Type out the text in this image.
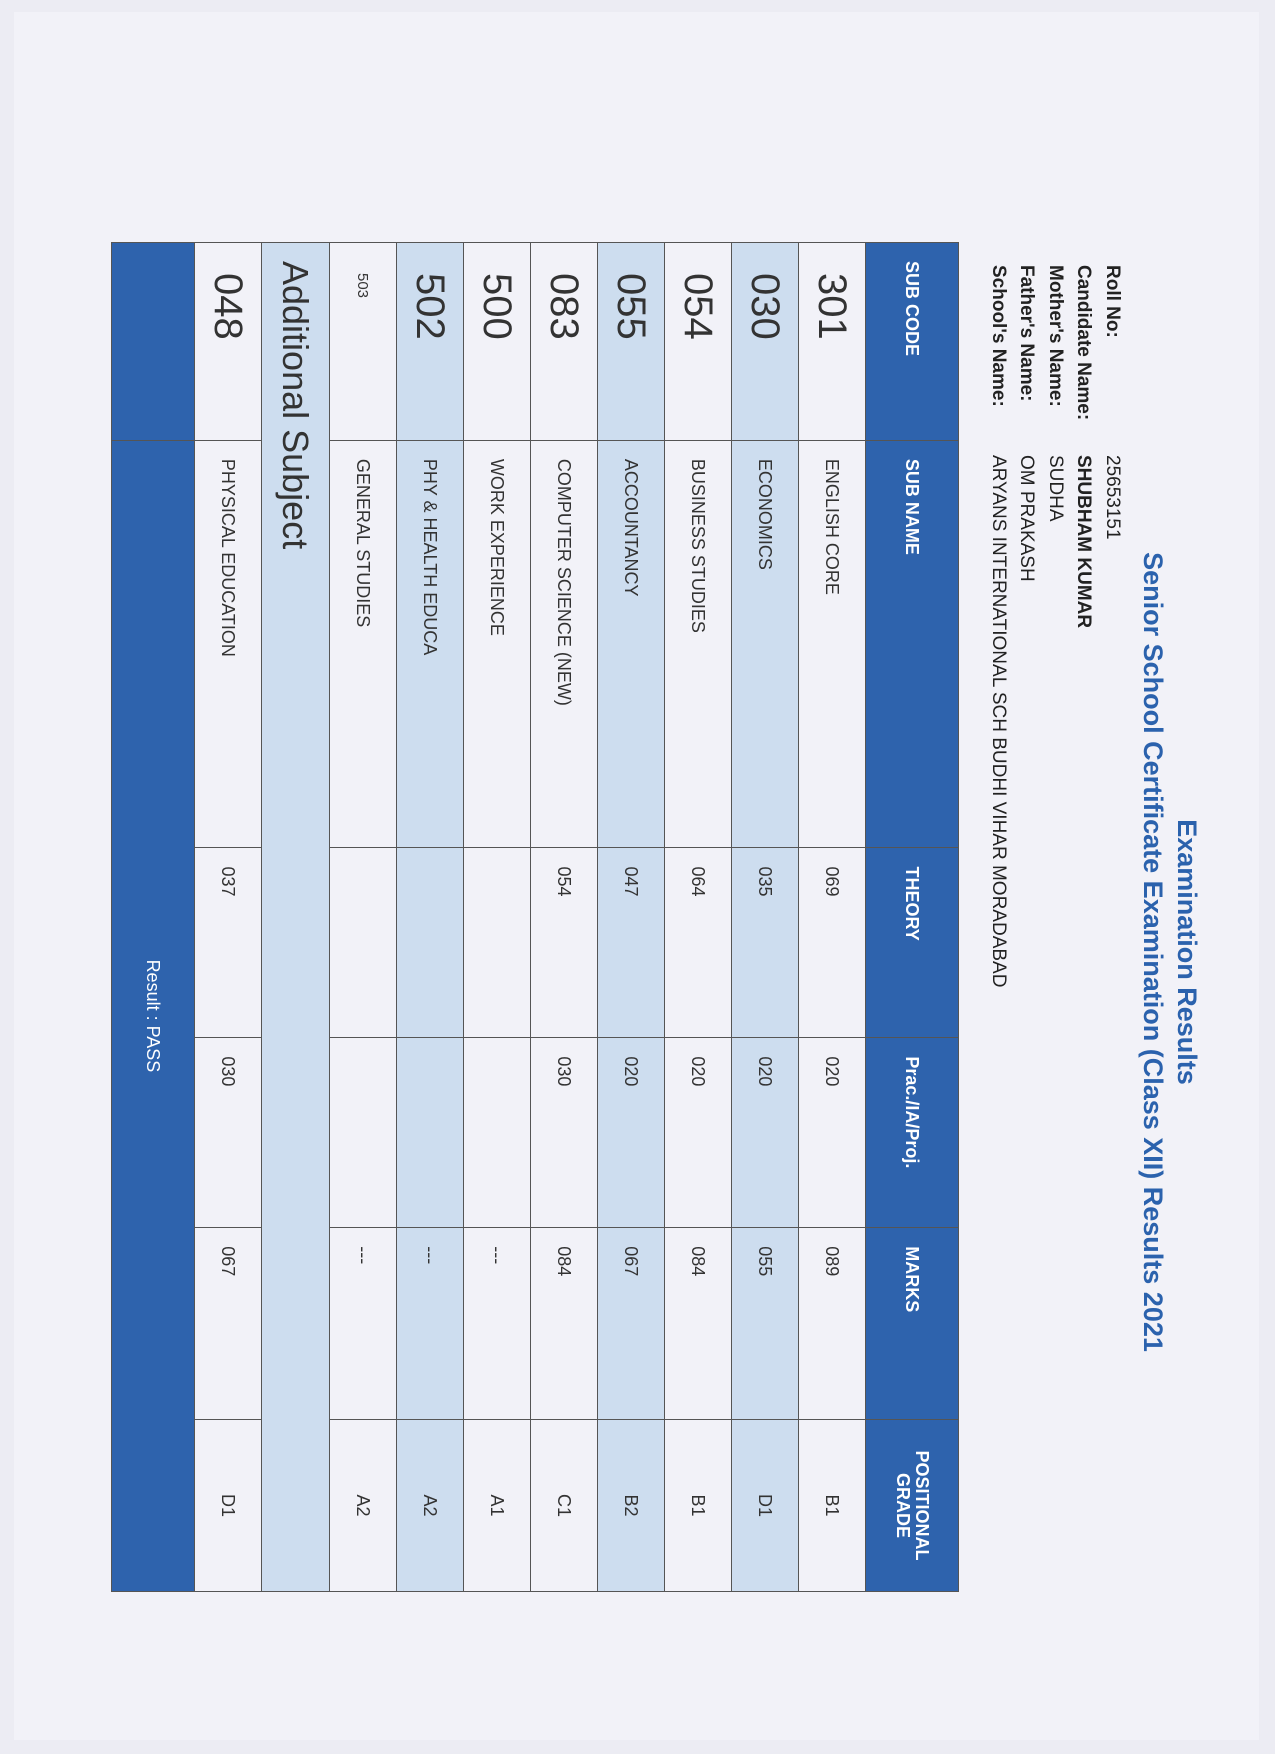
Examination Results
Senior School Certificate Examination (Class XII) Results 2021
Roll No:
25653151
Candidate Name:
SHUBHAM KUMAR
Mother's Name:
SUDHA
Father's Name:
OM PRAKASH
School's Name:
ARYANS INTERNATIONAL SCH BUDHI VIHAR MORADABAD
SUB CODE	SUB NAME	THEORY	Prac./IA/Proj.	MARKS	POSITIONAL
GRADE

301	ENGLISH CORE	069	020	089	B1
030	ECONOMICS	035	020	055	D1
054	BUSINESS STUDIES	064	020	084	B1
055	ACCOUNTANCY	047	020	067	B2
083	COMPUTER SCIENCE (NEW)	054	030	084	C1
500	WORK EXPERIENCE			---	A1
502	PHY & HEALTH EDUCA			---	A2
503	GENERAL STUDIES			---	A2
Additional Subject					
048	PHYSICAL EDUCATION	037	030	067	D1
	Result : PASS				
